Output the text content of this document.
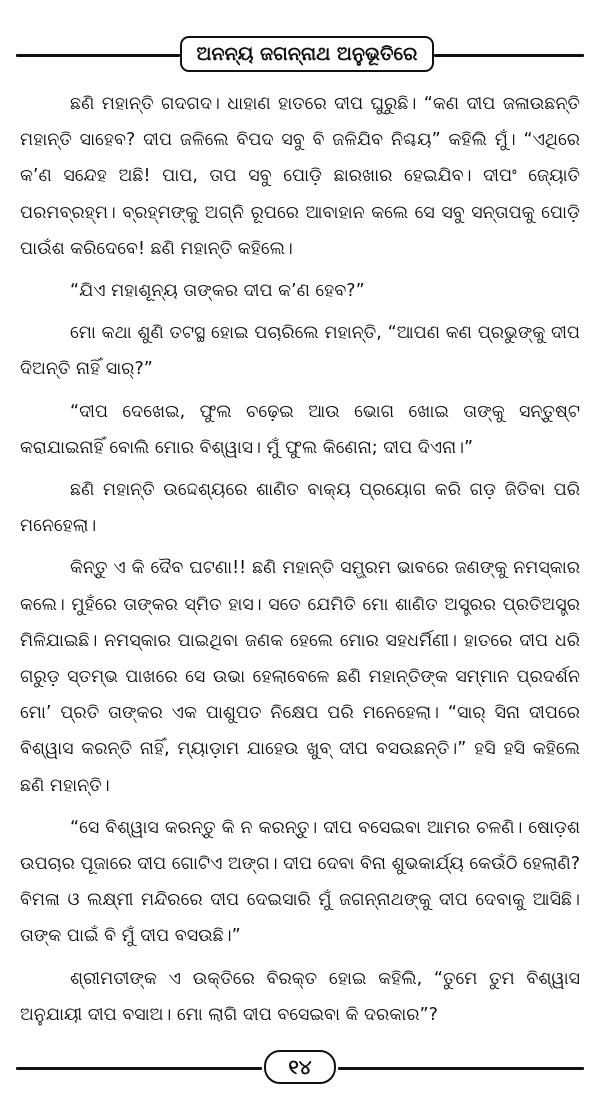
ଅନନ୍ୟ ଜଗନ୍ନାଥ ଅନୁଭୂତିରେ

ଛଣି ମହାନ୍ତି ଗଦଗଦ। ଧାହାଣ ହାତରେ ଦୀପ ଘୁରୁଛି। “କଣ ଦୀପ ଜଳାଉଛନ୍ତି ମହାନ୍ତି ସାହେବ? ଦୀପ ଜଳିଲେ ବିପଦ ସବୁ ବି ଜଳିଯିବ ନିଶ୍ଚୟ” କହିଲି ମୁଁ। “ଏଥିରେ କ’ଣ ସନ୍ଦେହ ଅଛି! ପାପ, ତାପ ସବୁ ପୋଡ଼ି ଛାରଖାର ହେଇଯିବ। ଦୀପଂ ଜ୍ୟୋତି ପରମବ୍ରହ୍ମ। ବ୍ରହ୍ମଙ୍କୁ ଅଗ୍ନି ରୂପରେ ଆବାହାନ କଲେ ସେ ସବୁ ସନ୍ତାପକୁ ପୋଡ଼ି ପାଉଁଶ କରିଦେବେ! ଛଣି ମହାନ୍ତି କହିଲେ।

“ଯିଏ ମହାଶୂନ୍ୟ ତାଙ୍କର ଦୀପ କ’ଣ ହେବ?”

ମୋ କଥା ଶୁଣି ତଟସ୍ଥ ହୋଇ ପଚାରିଲେ ମହାନ୍ତି, “ଆପଣ କଣ ପ୍ରଭୁଙ୍କୁ ଦୀପ ଦିଅନ୍ତି ନାହିଁ ସାର୍?”

“ଦୀପ ଦେଖେଇ, ଫୁଲ ଚଢ଼େଇ ଆଉ ଭୋଗ ଖୋଇ ତାଙ୍କୁ ସନ୍ତୁଷ୍ଟ କରାଯାଇନାହିଁ ବୋଲି ମୋର ବିଶ୍ୱାସ। ମୁଁ ଫୁଲ କିଣେନା; ଦୀପ ଦିଏନା।”

ଛଣି ମହାନ୍ତି ଉଦ୍ଦେଶ୍ୟରେ ଶାଣିତ ବାକ୍ୟ ପ୍ରୟୋଗ କରି ଗଡ଼ ଜିତିବା ପରି ମନେହେଲା।

କିନ୍ତୁ ଏ କି ଦୈବ ଘଟଣା!! ଛଣି ମହାନ୍ତି ସମ୍ଭ୍ରମ ଭାବରେ ଜଣଙ୍କୁ ନମସ୍କାର କଲେ। ମୁହଁରେ ତାଙ୍କର ସ୍ମିତ ହାସ। ସତେ ଯେମିତି ମୋ ଶାଣିତ ଅସ୍ତ୍ରର ପ୍ରତିଅସ୍ତ୍ର ମିଳିଯାଇଛି। ନମସ୍କାର ପାଇଥିବା ଜଣକ ହେଲେ ମୋର ସହଧର୍ମିଣୀ। ହାତରେ ଦୀପ ଧରି ଗରୁଡ଼ ସ୍ତମ୍ଭ ପାଖରେ ସେ ଉଭା ହେଲାବେଳେ ଛଣି ମହାନ୍ତିଙ୍କ ସମ୍ମାନ ପ୍ରଦର୍ଶନ ମୋ’ ପ୍ରତି ତାଙ୍କର ଏକ ପାଶୁପତ ନିକ୍ଷେପ ପରି ମନେହେଲା। “ସାର୍ ସିନା ଦୀପରେ ବିଶ୍ୱାସ କରନ୍ତି ନାହିଁ, ମ୍ୟାଡ଼ାମ ଯାହେଉ ଖୁବ୍ ଦୀପ ବସଉଛନ୍ତି।” ହସି ହସି କହିଲେ ଛଣି ମହାନ୍ତି।

“ସେ ବିଶ୍ୱାସ କରନ୍ତୁ କି ନ କରନ୍ତୁ। ଦୀପ ବସେଇବା ଆମର ଚଳଣି। ଷୋଡ଼ଶ ଉପଚାର ପୂଜାରେ ଦୀପ ଗୋଟିଏ ଅଙ୍ଗ। ଦୀପ ଦେବା ବିନା ଶୁଭକାର୍ଯ୍ୟ କେଉଁଠି ହେଲାଣି? ବିମଳା ଓ ଲକ୍ଷ୍ମୀ ମନ୍ଦିରରେ ଦୀପ ଦେଇସାରି ମୁଁ ଜଗନ୍ନାଥଙ୍କୁ ଦୀପ ଦେବାକୁ ଆସିଛି। ତାଙ୍କ ପାଇଁ ବି ମୁଁ ଦୀପ ବସଉଛି।”

ଶ୍ରୀମତୀଙ୍କ ଏ ଉକ୍ତିରେ ବିରକ୍ତ ହୋଇ କହିଲି, “ତୁମେ ତୁମ ବିଶ୍ୱାସ ଅନୁଯାୟୀ ଦୀପ ବସାଅ। ମୋ ଲାଗି ଦୀପ ବସେଇବା କି ଦରକାର”?

୧୪
